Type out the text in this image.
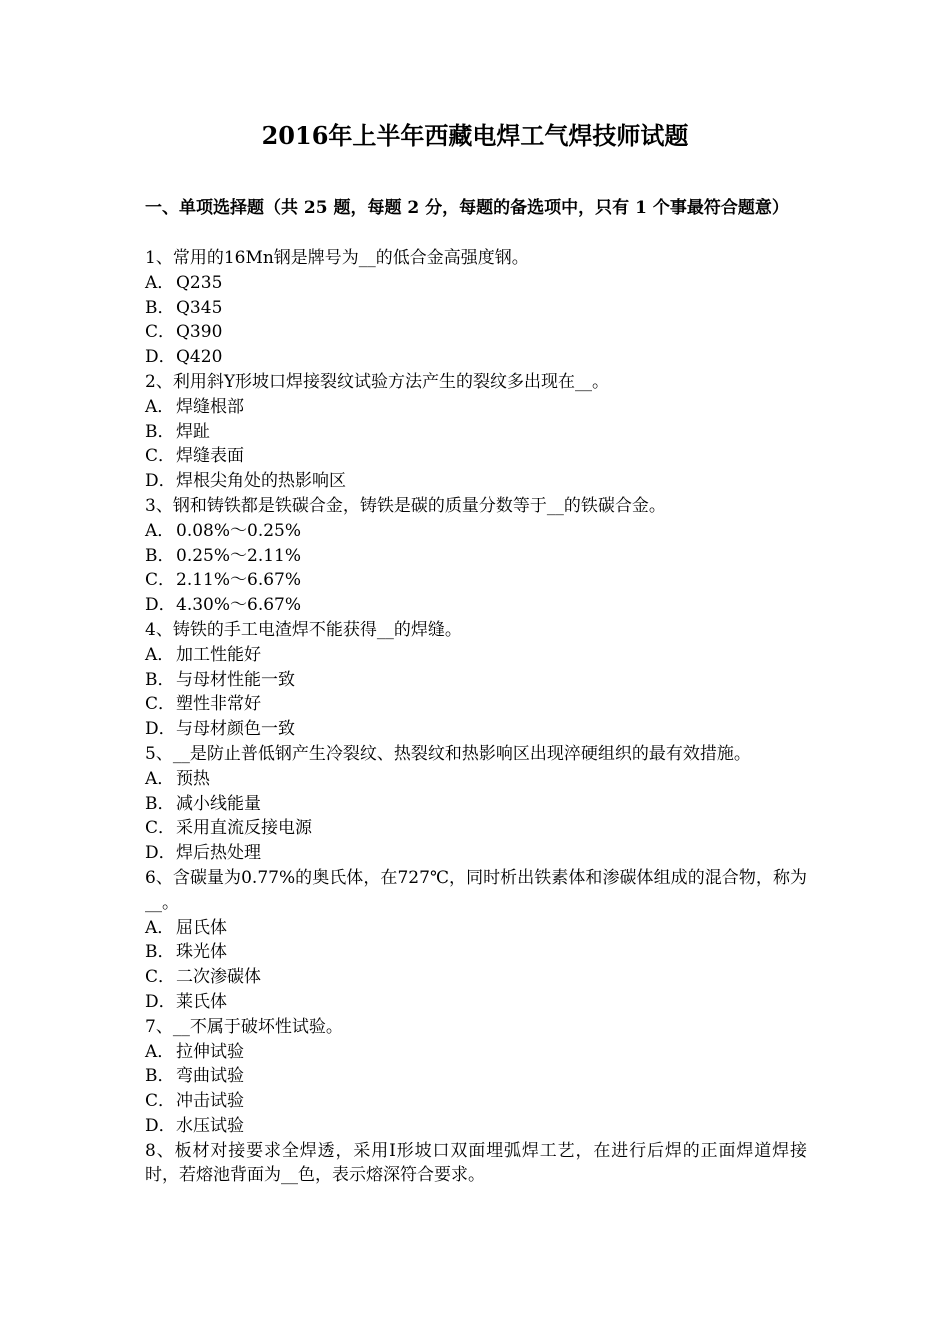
2016年上半年西藏电焊工气焊技师试题
一、单项选择题（共 25 题，每题 2 分，每题的备选项中，只有 1 个事最符合题意）
1、常用的16Mn钢是牌号为__的低合金高强度钢。
A． Q235
B．Q345
C．Q390
D．Q420
2、利用斜Y形坡口焊接裂纹试验方法产生的裂纹多出现在__。
A． 焊缝根部
B．焊趾
C．焊缝表面
D．焊根尖角处的热影响区
3、钢和铸铁都是铁碳合金，铸铁是碳的质量分数等于__的铁碳合金。
A． 0.08%～0.25%
B．0.25%～2.11%
C．2.11%～6.67%
D．4.30%～6.67%
4、铸铁的手工电渣焊不能获得__的焊缝。
A． 加工性能好
B．与母材性能一致
C．塑性非常好
D．与母材颜色一致
5、__是防止普低钢产生冷裂纹、热裂纹和热影响区出现淬硬组织的最有效措施。
A． 预热
B．减小线能量
C．采用直流反接电源
D．焊后热处理
6、含碳量为0.77%的奥氏体，在727℃，同时析出铁素体和渗碳体组成的混合物，称为__。
A． 屈氏体
B．珠光体
C．二次渗碳体
D．莱氏体
7、__不属于破坏性试验。
A． 拉伸试验
B．弯曲试验
C．冲击试验
D．水压试验
8、板材对接要求全焊透，采用I形坡口双面埋弧焊工艺，在进行后焊的正面焊道焊接时，若熔池背面为__色，表示熔深符合要求。
